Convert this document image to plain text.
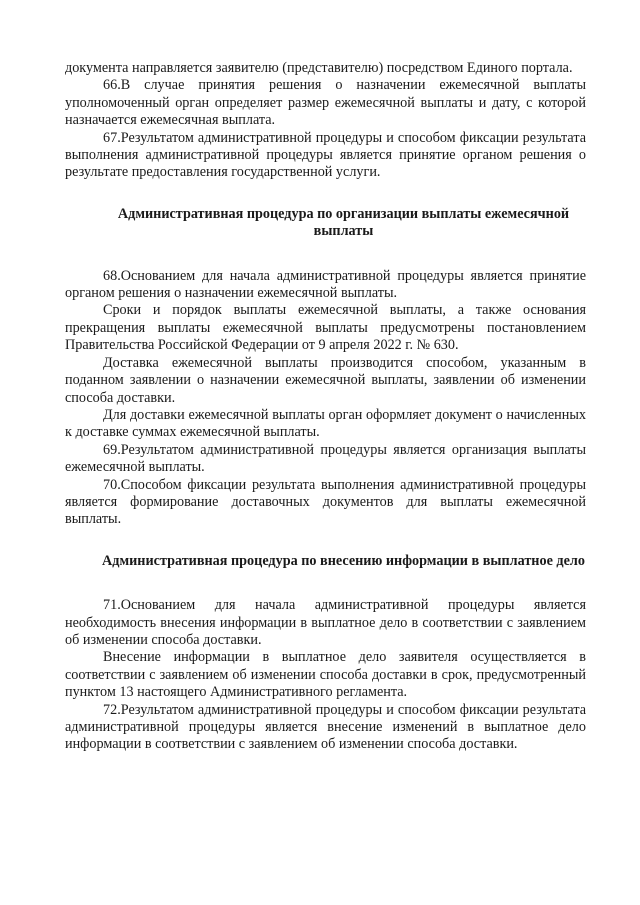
документа направляется заявителю (представителю) посредством Единого портала.

66.В случае принятия решения о назначении ежемесячной выплаты уполномоченный орган определяет размер ежемесячной выплаты и дату, с которой назначается ежемесячная выплата.

67.Результатом административной процедуры и способом фиксации результата выполнения административной процедуры является принятие органом решения о результате предоставления государственной услуги.

Административная процедура по организации выплаты ежемесячной выплаты

68.Основанием для начала административной процедуры является принятие органом решения о назначении ежемесячной выплаты.

Сроки и порядок выплаты ежемесячной выплаты, а также основания прекращения выплаты ежемесячной выплаты предусмотрены постановлением Правительства Российской Федерации от 9 апреля 2022 г. № 630.

Доставка ежемесячной выплаты производится способом, указанным в поданном заявлении о назначении ежемесячной выплаты, заявлении об изменении способа доставки.

Для доставки ежемесячной выплаты орган оформляет документ о начисленных к доставке суммах ежемесячной выплаты.

69.Результатом административной процедуры является организация выплаты ежемесячной выплаты.

70.Способом фиксации результата выполнения административной процедуры является формирование доставочных документов для выплаты ежемесячной выплаты.

Административная процедура по внесению информации в выплатное дело

71.Основанием для начала административной процедуры является необходимость внесения информации в выплатное дело в соответствии с заявлением об изменении способа доставки.

Внесение информации в выплатное дело заявителя осуществляется в соответствии с заявлением об изменении способа доставки в срок, предусмотренный пунктом 13 настоящего Административного регламента.

72.Результатом административной процедуры и способом фиксации результата административной процедуры является внесение изменений в выплатное дело информации в соответствии с заявлением об изменении способа доставки.
